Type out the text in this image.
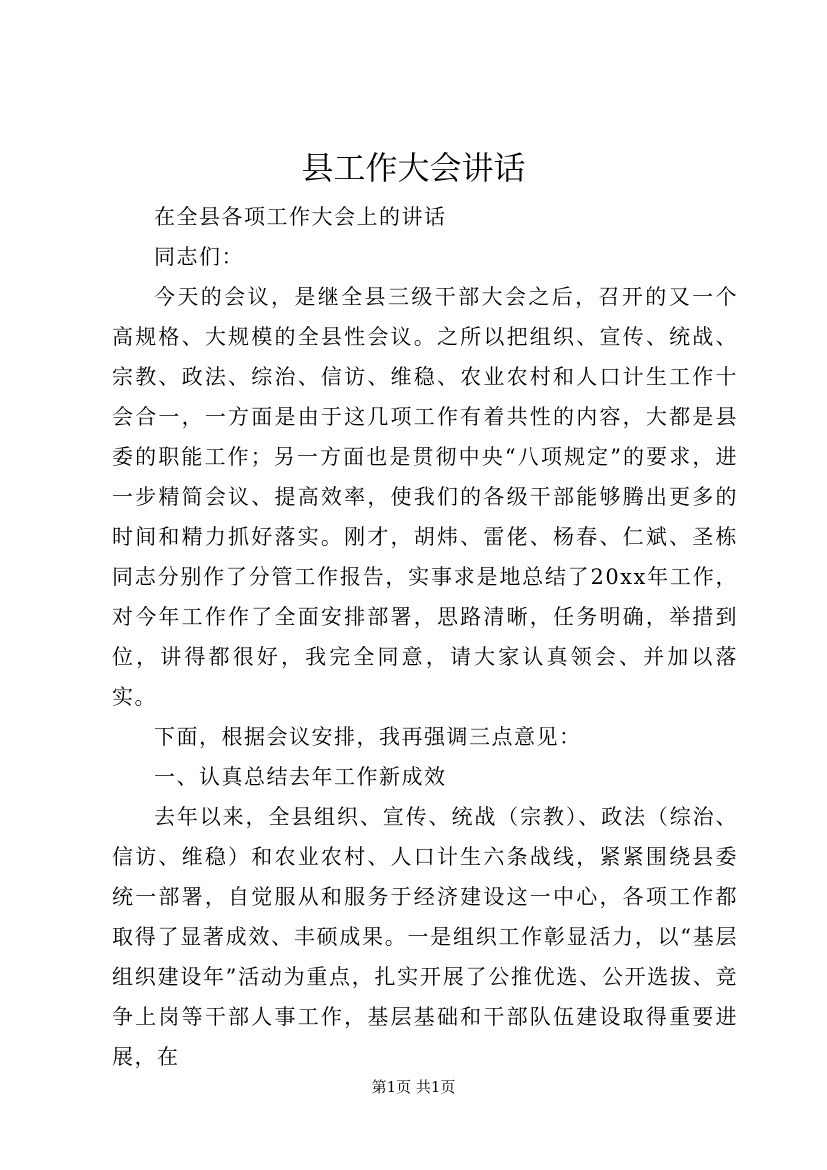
县工作大会讲话

在全县各项工作大会上的讲话

同志们：

今天的会议，是继全县三级干部大会之后，召开的又一个高规格、大规模的全县性会议。之所以把组织、宣传、统战、宗教、政法、综治、信访、维稳、农业农村和人口计生工作十会合一，一方面是由于这几项工作有着共性的内容，大都是县委的职能工作；另一方面也是贯彻中央“八项规定”的要求，进一步精简会议、提高效率，使我们的各级干部能够腾出更多的时间和精力抓好落实。刚才，胡炜、雷佬、杨春、仁斌、圣栋同志分别作了分管工作报告，实事求是地总结了20xx年工作，对今年工作作了全面安排部署，思路清晰，任务明确，举措到位，讲得都很好，我完全同意，请大家认真领会、并加以落实。

下面，根据会议安排，我再强调三点意见：

一、认真总结去年工作新成效

去年以来，全县组织、宣传、统战（宗教）、政法（综治、信访、维稳）和农业农村、人口计生六条战线，紧紧围绕县委统一部署，自觉服从和服务于经济建设这一中心，各项工作都取得了显著成效、丰硕成果。一是组织工作彰显活力，以“基层组织建设年”活动为重点，扎实开展了公推优选、公开选拔、竞争上岗等干部人事工作，基层基础和干部队伍建设取得重要进展，在

第1页 共1页
